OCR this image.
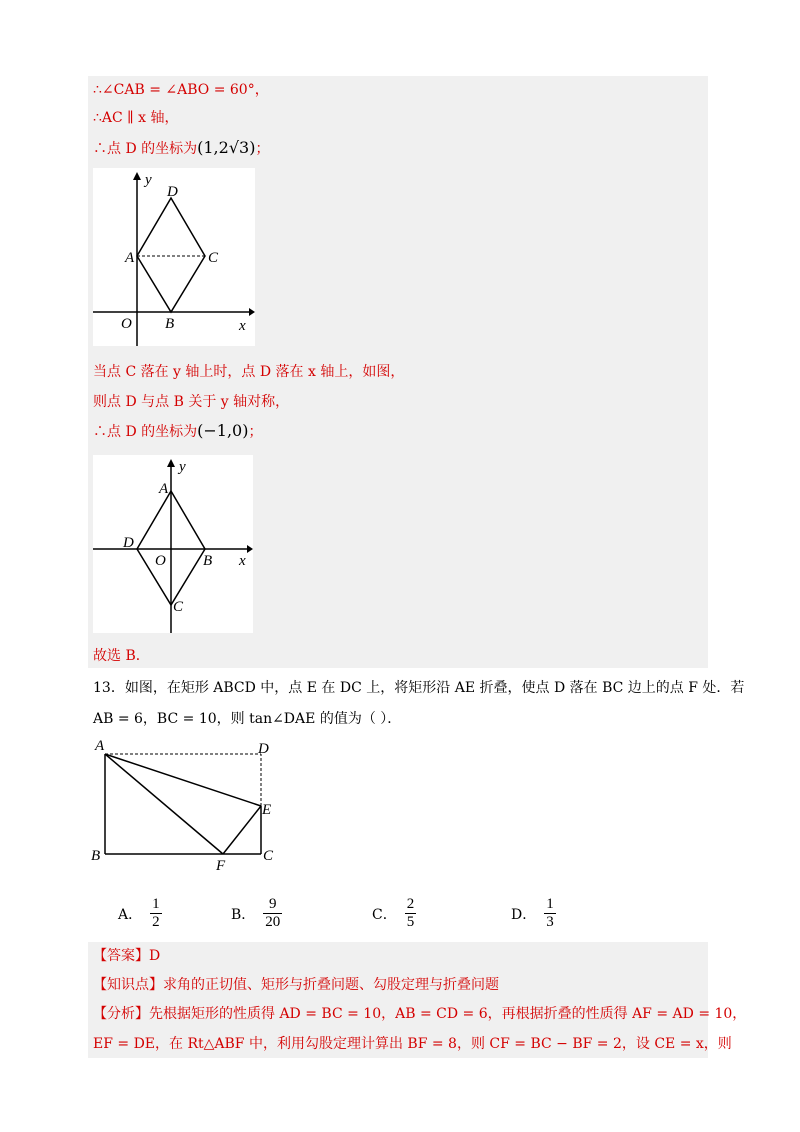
∴∠CAB = ∠ABO = 60°，
∴AC ∥ x 轴，
∴点 D 的坐标为(1,2√3)；
y
x
D
A	C
O B
当点 C 落在 y 轴上时，点 D 落在 x 轴上，如图，
则点 D 与点 B 关于 y 轴对称，
∴点 D 的坐标为(−1,0)；
y
x
A
D
O B
C
故选 B．
13．如图，在矩形 ABCD 中，点 E 在 DC 上，将矩形沿 AE 折叠，使点 D 落在 BC 边上的点 F 处．若
AB = 6，BC = 10，则 tan∠DAE 的值为（ ）．
A	D
E
B
F
C
A． $\frac{1}{2}$	B． $\frac{9}{20}$	C． $\frac{2}{5}$	D． $\frac{1}{3}$
【答案】D
【知识点】求角的正切值、矩形与折叠问题、勾股定理与折叠问题
【分析】先根据矩形的性质得 AD = BC = 10，AB = CD = 6，再根据折叠的性质得 AF = AD = 10，
EF = DE，在 Rt△ABF 中，利用勾股定理计算出 BF = 8，则 CF = BC − BF = 2，设 CE = x，则
